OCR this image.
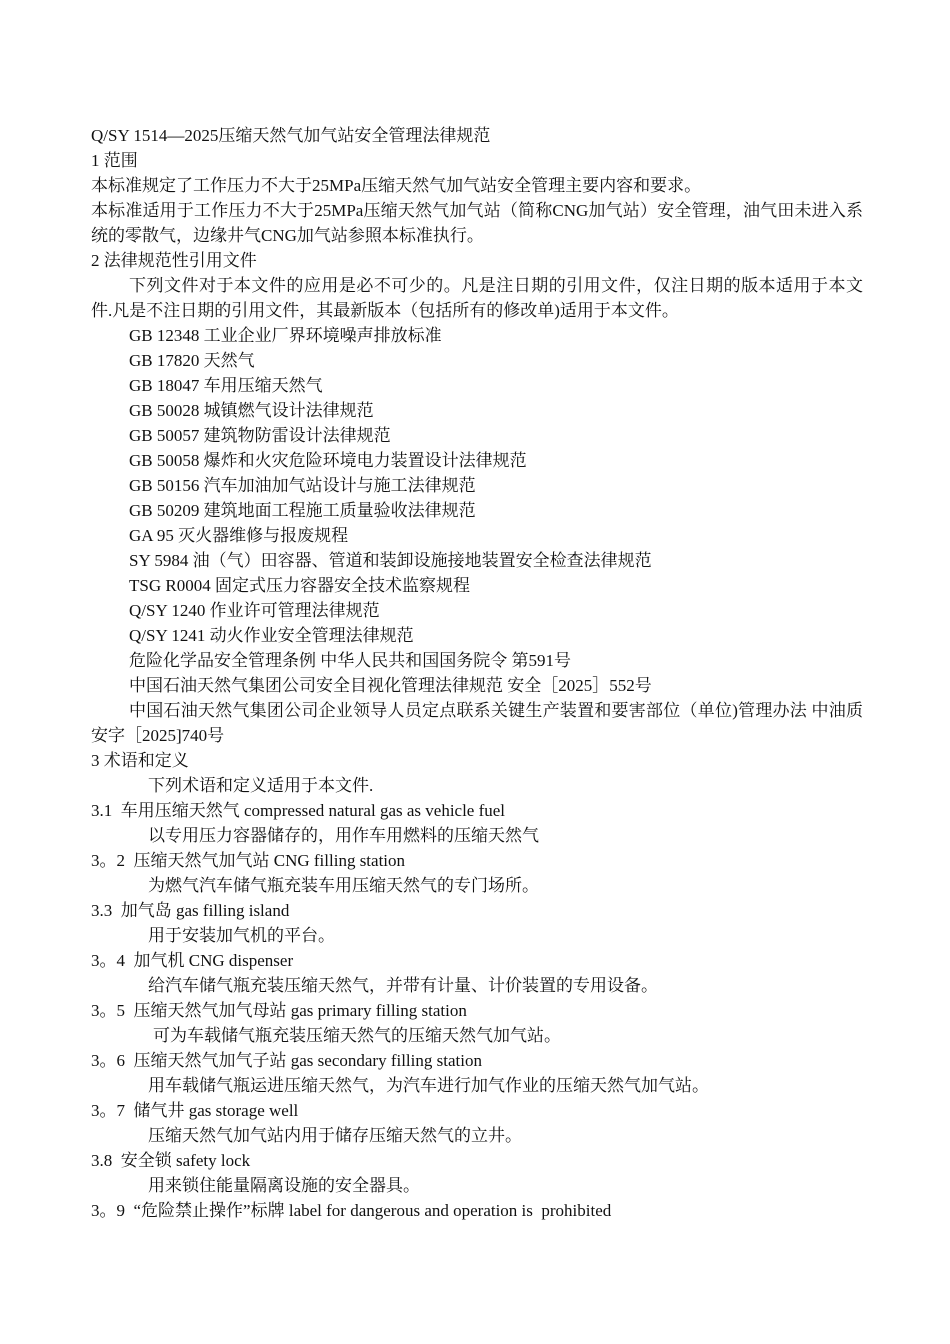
Q/SY 1514—2025压缩天然气加气站安全管理法律规范
1 范围
本标准规定了工作压力不大于25MPa压缩天然气加气站安全管理主要内容和要求。
本标准适用于工作压力不大于25MPa压缩天然气加气站（简称CNG加气站）安全管理，油气田未进入系统的零散气，边缘井气CNG加气站参照本标准执行。
2 法律规范性引用文件
下列文件对于本文件的应用是必不可少的。凡是注日期的引用文件，仅注日期的版本适用于本文件.凡是不注日期的引用文件，其最新版本（包括所有的修改单)适用于本文件。
GB 12348 工业企业厂界环境噪声排放标准
GB 17820 天然气
GB 18047 车用压缩天然气
GB 50028 城镇燃气设计法律规范
GB 50057 建筑物防雷设计法律规范
GB 50058 爆炸和火灾危险环境电力装置设计法律规范
GB 50156 汽车加油加气站设计与施工法律规范
GB 50209 建筑地面工程施工质量验收法律规范
GA 95 灭火器维修与报废规程
SY 5984 油（气）田容器、管道和装卸设施接地装置安全检查法律规范
TSG R0004 固定式压力容器安全技术监察规程
Q/SY 1240 作业许可管理法律规范
Q/SY 1241 动火作业安全管理法律规范
危险化学品安全管理条例 中华人民共和国国务院令 第591号
中国石油天然气集团公司安全目视化管理法律规范 安全［2025］552号
中国石油天然气集团公司企业领导人员定点联系关键生产装置和要害部位（单位)管理办法 中油质安字［2025]740号
3 术语和定义
下列术语和定义适用于本文件.
3.1 车用压缩天然气 compressed natural gas as vehicle fuel
以专用压力容器储存的，用作车用燃料的压缩天然气
3。2 压缩天然气加气站 CNG filling station
为燃气汽车储气瓶充装车用压缩天然气的专门场所。
3.3 加气岛 gas filling island
用于安装加气机的平台。
3。4 加气机 CNG dispenser
给汽车储气瓶充装压缩天然气，并带有计量、计价装置的专用设备。
3。5 压缩天然气加气母站 gas primary filling station
可为车载储气瓶充装压缩天然气的压缩天然气加气站。
3。6 压缩天然气加气子站 gas secondary filling station
用车载储气瓶运进压缩天然气，为汽车进行加气作业的压缩天然气加气站。
3。7 储气井 gas storage well
压缩天然气加气站内用于储存压缩天然气的立井。
3.8 安全锁 safety lock
用来锁住能量隔离设施的安全器具。
3。9 “危险禁止操作”标牌 label for dangerous and operation is  prohibited
